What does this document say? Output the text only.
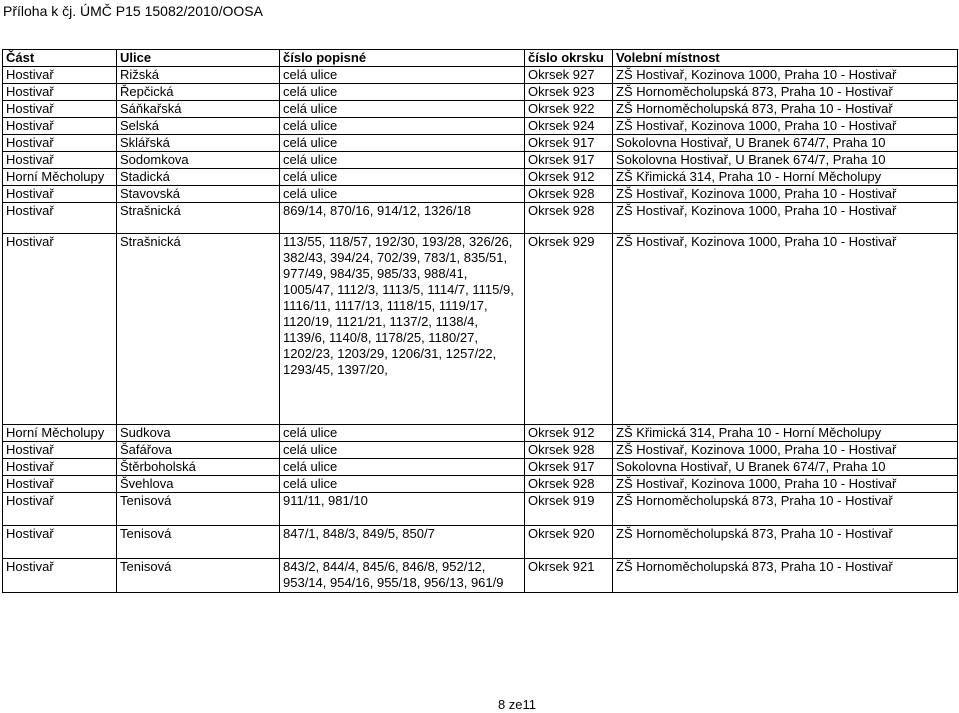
Příloha k čj. ÚMČ P15 15082/2010/OOSA
Část	Ulice	číslo popisné	číslo okrsku	Volební místnost
Hostivař	Rižská	celá ulice	Okrsek 927	ZŠ Hostivař, Kozinova 1000, Praha 10 - Hostivař
Hostivař	Řepčická	celá ulice	Okrsek 923	ZŠ Hornoměcholupská 873, Praha 10 - Hostivař
Hostivař	Sáňkařská	celá ulice	Okrsek 922	ZŠ Hornoměcholupská 873, Praha 10 - Hostivař
Hostivař	Selská	celá ulice	Okrsek 924	ZŠ Hostivař, Kozinova 1000, Praha 10 - Hostivař
Hostivař	Sklářská	celá ulice	Okrsek 917	Sokolovna Hostivař, U Branek 674/7, Praha 10
Hostivař	Sodomkova	celá ulice	Okrsek 917	Sokolovna Hostivař, U Branek 674/7, Praha 10
Horní Měcholupy	Stadická	celá ulice	Okrsek 912	ZŠ Křimická 314, Praha 10 - Horní Měcholupy
Hostivař	Stavovská	celá ulice	Okrsek 928	ZŠ Hostivař, Kozinova 1000, Praha 10 - Hostivař
Hostivař	Strašnická	869/14, 870/16, 914/12, 1326/18	Okrsek 928	ZŠ Hostivař, Kozinova 1000, Praha 10 - Hostivař
Hostivař	Strašnická	113/55, 118/57, 192/30, 193/28, 326/26, 382/43, 394/24, 702/39, 783/1, 835/51, 977/49, 984/35, 985/33, 988/41, 1005/47, 1112/3, 1113/5, 1114/7, 1115/9, 1116/11, 1117/13, 1118/15, 1119/17, 1120/19, 1121/21, 1137/2, 1138/4, 1139/6, 1140/8, 1178/25, 1180/27, 1202/23, 1203/29, 1206/31, 1257/22, 1293/45, 1397/20,	Okrsek 929	ZŠ Hostivař, Kozinova 1000, Praha 10 - Hostivař
Horní Měcholupy	Sudkova	celá ulice	Okrsek 912	ZŠ Křimická 314, Praha 10 - Horní Měcholupy
Hostivař	Šafářova	celá ulice	Okrsek 928	ZŠ Hostivař, Kozinova 1000, Praha 10 - Hostivař
Hostivař	Štěrboholská	celá ulice	Okrsek 917	Sokolovna Hostivař, U Branek 674/7, Praha 10
Hostivař	Švehlova	celá ulice	Okrsek 928	ZŠ Hostivař, Kozinova 1000, Praha 10 - Hostivař
Hostivař	Tenisová	911/11, 981/10	Okrsek 919	ZŠ Hornoměcholupská 873, Praha 10 - Hostivař
Hostivař	Tenisová	847/1, 848/3, 849/5, 850/7	Okrsek 920	ZŠ Hornoměcholupská 873, Praha 10 - Hostivař
Hostivař	Tenisová	843/2, 844/4, 845/6, 846/8, 952/12, 953/14, 954/16, 955/18, 956/13, 961/9	Okrsek 921	ZŠ Hornoměcholupská 873, Praha 10 - Hostivař
8 ze11
